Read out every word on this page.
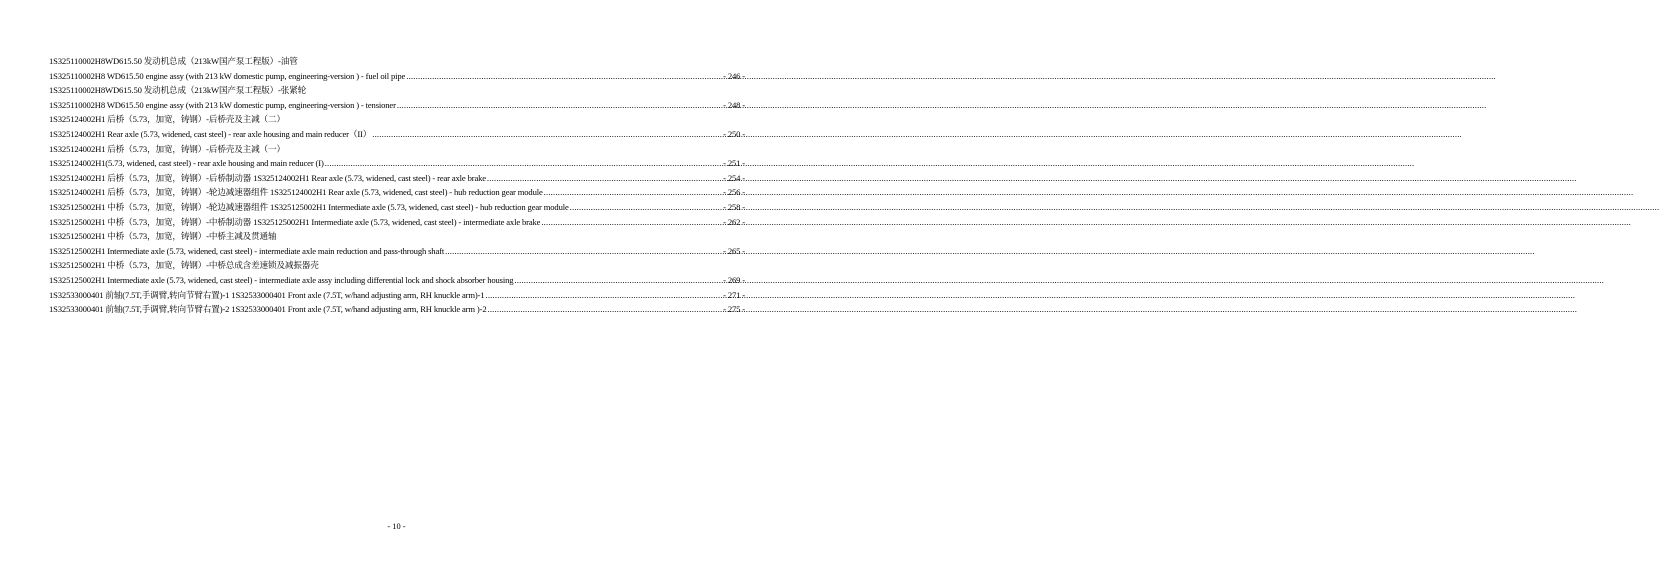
1S325110002H8WD615.50 发动机总成（213kW国产泵工程版）-油管
1S325110002H8 WD615.50 engine assy (with 213 kW domestic pump, engineering-version ) - fuel oil pipe .....	- 246 -
1S325110002H8WD615.50 发动机总成（213kW国产泵工程版）-张紧轮
1S325110002H8 WD615.50 engine assy (with 213 kW domestic pump, engineering-version ) - tensioner .....	- 248 -
1S325124002H1 后桥（5.73，加宽，铸钢）-后桥壳及主减（二）
1S325124002H1 Rear axle (5.73, widened, cast steel) - rear axle housing and main reducer（II） .....	- 250 -
1S325124002H1 后桥（5.73，加宽，铸钢）-后桥壳及主减（一）
1S325124002H1(5.73, widened, cast steel) - rear axle housing and main reducer (I) .....	- 251 -
1S325124002H1 后桥（5.73，加宽，铸钢）-后桥制动器 1S325124002H1 Rear axle (5.73, widened, cast steel) - rear axle brake .....	- 254 -
1S325124002H1 后桥（5.73，加宽，铸钢）-轮边减速器组件 1S325124002H1 Rear axle (5.73, widened, cast steel) - hub reduction gear module .....	- 256 -
1S325125002H1 中桥（5.73，加宽，铸钢）-轮边减速器组件 1S325125002H1 Intermediate axle (5.73, widened, cast steel) - hub reduction gear module .....	- 258 -
1S325125002H1 中桥（5.73，加宽，铸钢）-中桥制动器 1S325125002H1 Intermediate axle (5.73, widened, cast steel) - intermediate axle brake .....	- 262 -
1S325125002H1 中桥（5.73，加宽，铸钢）-中桥主减及贯通轴
1S325125002H1 Intermediate axle (5.73, widened, cast steel) - intermediate axle main reduction and pass-through shaft .....	- 265 -
1S325125002H1 中桥（5.73，加宽，铸钢）-中桥总成含差速锁及减振器壳
1S325125002H1 Intermediate axle (5.73, widened, cast steel) - intermediate axle assy including differential lock and shock absorber housing .....	- 269 -
1S32533000401 前轴(7.5T,手调臂,转向节臂右置)-1 1S32533000401 Front axle (7.5T, w/hand adjusting arm, RH knuckle arm)-1 .....	- 271 -
1S32533000401 前轴(7.5T,手调臂,转向节臂右置)-2 1S32533000401 Front axle (7.5T, w/hand adjusting arm, RH knuckle arm )-2 .....	- 275 -
- 10 -
